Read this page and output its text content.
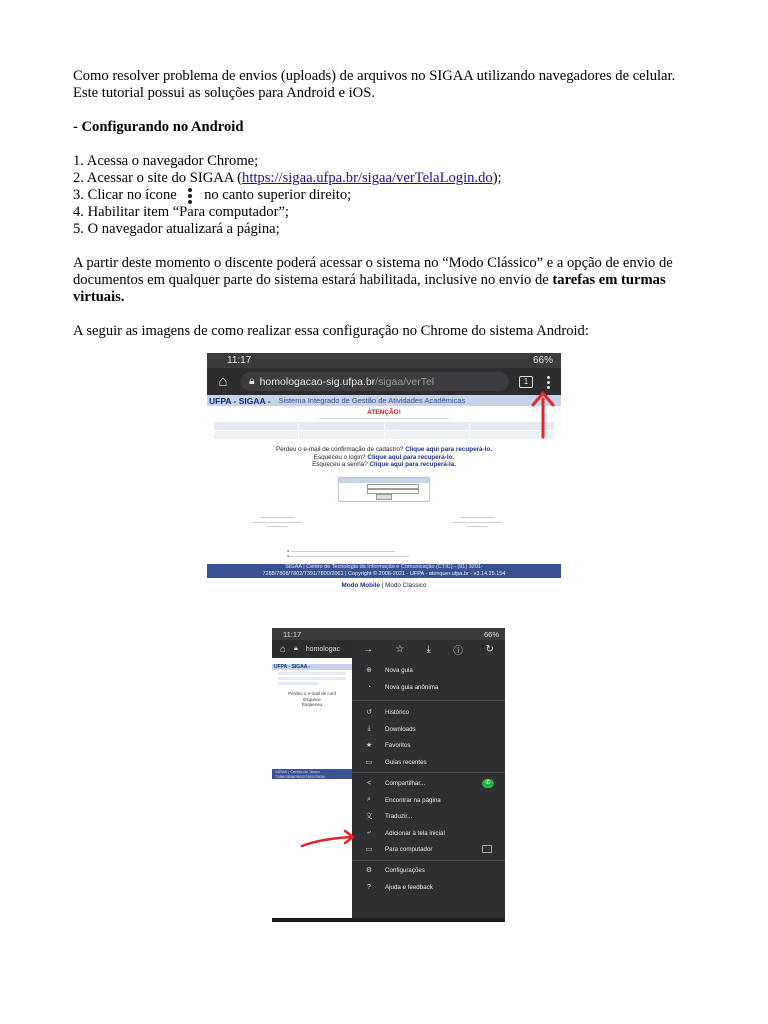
Como resolver problema de envios (uploads) de arquivos no SIGAA utilizando navegadores de celular. Este tutorial possui as soluções para Android e iOS.

- Configurando no Android

1. Acessa o navegador Chrome;

2. Acessar o site do SIGAA (https://sigaa.ufpa.br/sigaa/verTelaLogin.do);

3. Clicar no ícone no canto superior direito;

4. Habilitar item “Para computador”;

5. O navegador atualizará a página;

A partir deste momento o discente poderá acessar o sistema no “Modo Clássico” e a opção de envio de documentos em qualquer parte do sistema estará habilitada, inclusive no envio de tarefas em turmas virtuais.

A seguir as imagens de como realizar essa configuração no Chrome do sistema Android:

11:17	66%
⌂	🔒︎ homologacao-sig.ufpa.br /sigaa/verTel	1
UFPA - SIGAA - Sistema Integrado de Gestão de Atividades Acadêmicas
ATENÇÃO!
—————————————————————————————————————
Perdeu o e-mail de confirmação de cadastro? Clique aqui para recuperá-lo.
Esqueceu o login? Clique aqui para recuperá-lo.
Esqueceu a senha? Clique aqui para recuperá-la.
——————————
——————————————
——————
——————————
——————————————
——————
● ——————————————————————————————
● ——————————————————————————————————
SIGAA | Centro de Tecnologia da Informação e Comunicação (CTIC) - (91) 3201-
7288/7808/7802/7391/7800/2061 | Copyright © 2006-2021 - UFPA - atenquer.ufpa.br - v3.14.25.154
Modo Mobile | Modo Clássico
11:17	66%
⌂ 🔒︎ homologac
UFPA - SIGAA -
Perdeu o e-mail de conf
Esquece
Esqueceu
SIGAA | Centro de Tecno
7288/7808/7802/7391/7800/
→ ☆ ⤓ ⓘ ↻
⊕	Nova guia
◔	Nova guia anônima
↺	Histórico
⤓	Downloads
★	Favoritos
▭	Guias recentes
<	Compartilhar...	✆
⌕	Encontrar na página
文	Traduzir...
⤶	Adicionar à tela inicial
▭	Para computador
⚙	Configurações
?	Ajuda e feedback
